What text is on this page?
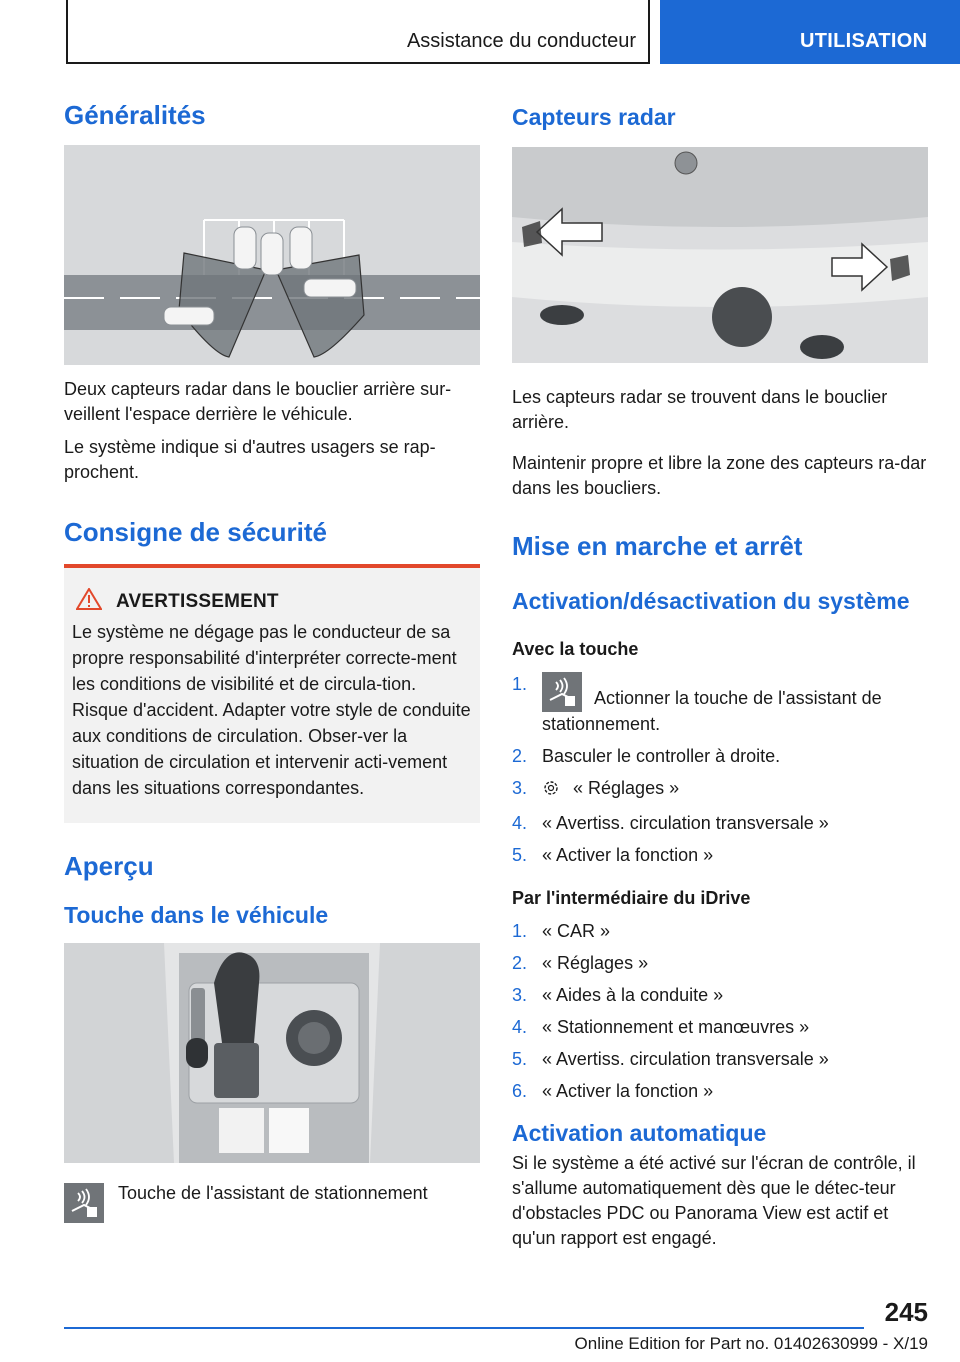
Assistance du conducteur	UTILISATION
Généralités

Deux capteurs radar dans le bouclier arrière sur-veillent l'espace derrière le véhicule.

Le système indique si d'autres usagers se rap-prochent.

Consigne de sécurité
AVERTISSEMENT

Le système ne dégage pas le conducteur de sa propre responsabilité d'interpréter correcte-ment les conditions de visibilité et de circula-tion. Risque d'accident. Adapter votre style de conduite aux conditions de circulation. Obser-ver la situation de circulation et intervenir acti-vement dans les situations correspondantes.

Aperçu
Touche dans le véhicule

Touche de l'assistant de stationnement

Capteurs radar

Les capteurs radar se trouvent dans le bouclier arrière.

Maintenir propre et libre la zone des capteurs ra-dar dans les boucliers.

Mise en marche et arrêt
Activation/désactivation du système
Avec la touche
1.
Actionner la touche de l'assistant de stationnement.
2. Basculer le controller à droite.
3.	« Réglages »
4. « Avertiss. circulation transversale »
5. « Activer la fonction »
Par l'intermédiaire du iDrive
1. « CAR »
2. « Réglages »
3. « Aides à la conduite »
4. « Stationnement et manœuvres »
5. « Avertiss. circulation transversale »
6. « Activer la fonction »
Activation automatique

Si le système a été activé sur l'écran de contrôle, il s'allume automatiquement dès que le détec-teur d'obstacles PDC ou Panorama View est actif et qu'un rapport est engagé.

245
Online Edition for Part no. 01402630999 - X/19
